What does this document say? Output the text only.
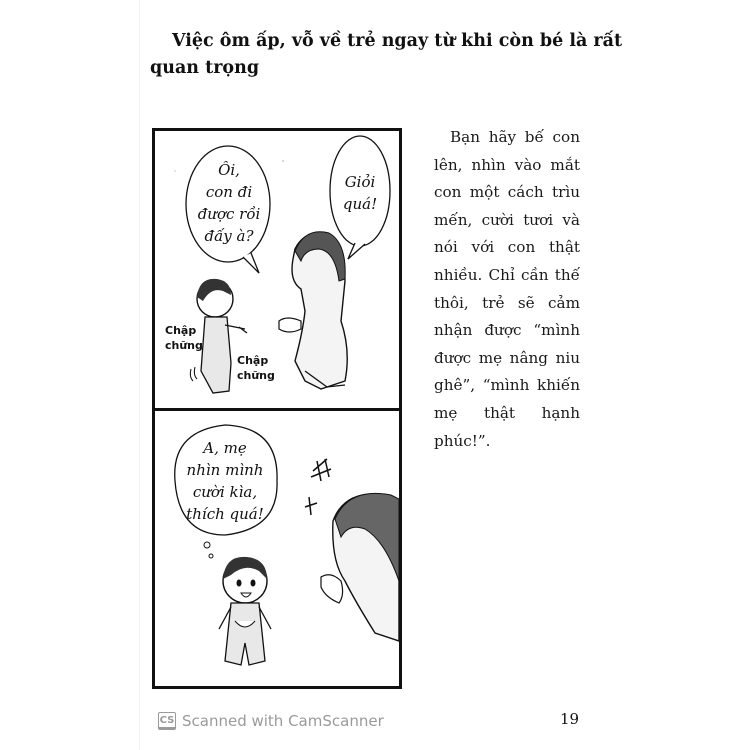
Việc ôm ấp, vỗ về trẻ ngay từ khi còn bé là rất
quan trọng
Ôi,
con đi
được rồi
đấy à?
Giỏi
quá!
Chập
chững
Chập
chững
A, mẹ
nhìn mình
cười kìa,
thích quá!
Bạn hãy bế con
lên, nhìn vào mắt
con một cách trìu
mến, cười tươi và
nói với con thật
nhiều. Chỉ cần thế
thôi, trẻ sẽ cảm
nhận được “mình
được mẹ nâng niu
ghê”, “mình khiến
mẹ thật hạnh
phúc!”.
CS Scanned with CamScanner	19
